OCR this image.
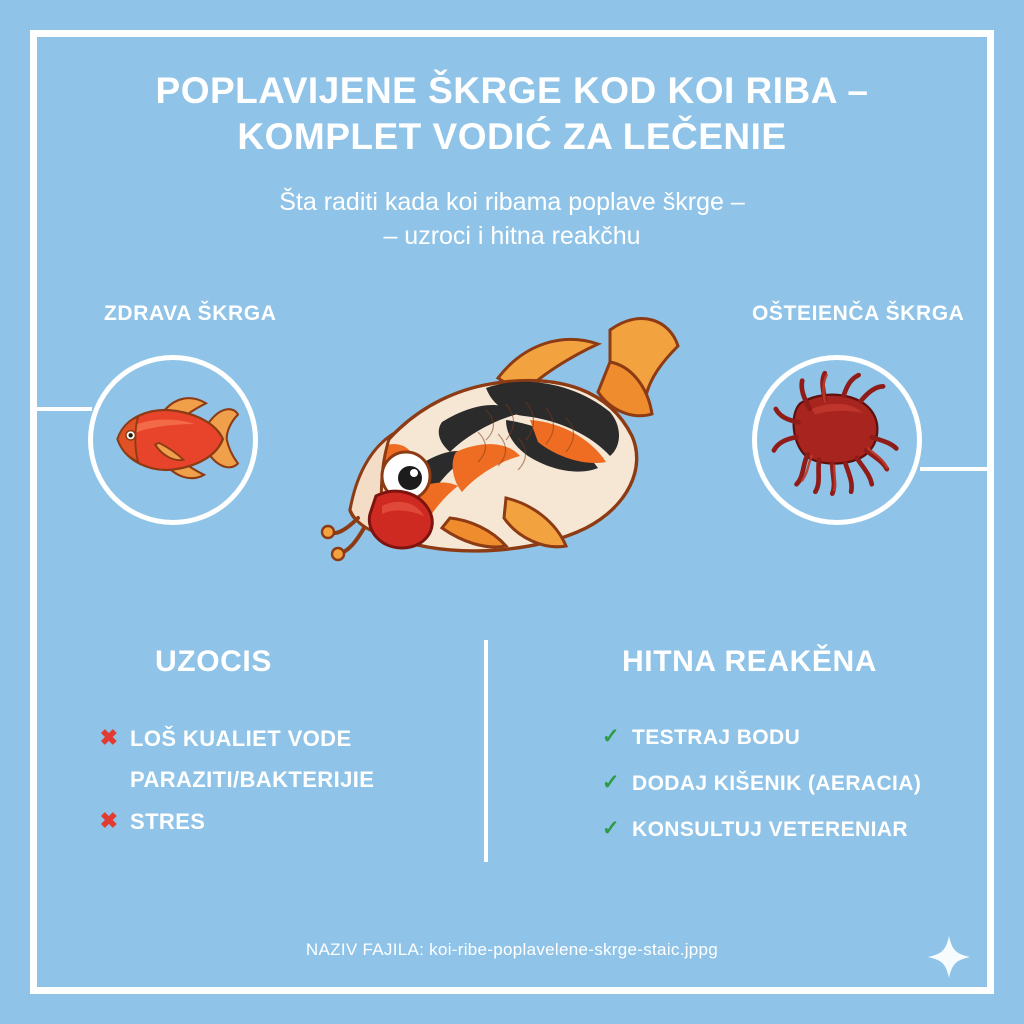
POPLAVIJENE ŠKRGE KOD KOI RIBA –
KOMPLET VODIĆ ZA LEČENIE
Šta raditi kada koi ribama poplave škrge –
– uzroci i hitna reakčhu
ZDRAVA ŠKRGA	OŠTEIENČA ŠKRGA
UZOCIS
✖ LOŠ KUALIET VODE
PARAZITI/BAKTERIJIE
✖ STRES
HITNA REAKĚNA
✓ TESTRAJ BODU
✓ DODAJ KIŠENIK (AERACIA)
✓ KONSULTUJ VETERENIAR
NAZIV FAJILA: koi-ribe-poplavelene-skrge-staic.jppg
